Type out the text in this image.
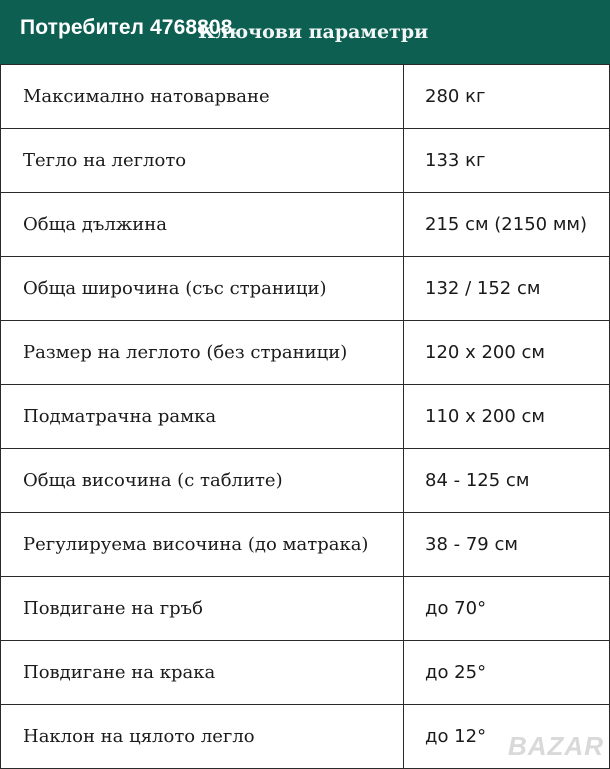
Потребител 4768808
Ключови параметри
Максимално натоварване	280 кг
Тегло на леглото	133 кг
Обща дължина	215 см (2150 мм)
Обща широчина (със страници)	132 / 152 см
Размер на леглото (без страници)	120 x 200 см
Подматрачна рамка	110 x 200 см
Обща височина (с таблите)	84 - 125 см
Регулируема височина (до матрака)	38 - 79 см
Повдигане на гръб	до 70°
Повдигане на крака	до 25°
Наклон на цялото легло	до 12° BAZAR
